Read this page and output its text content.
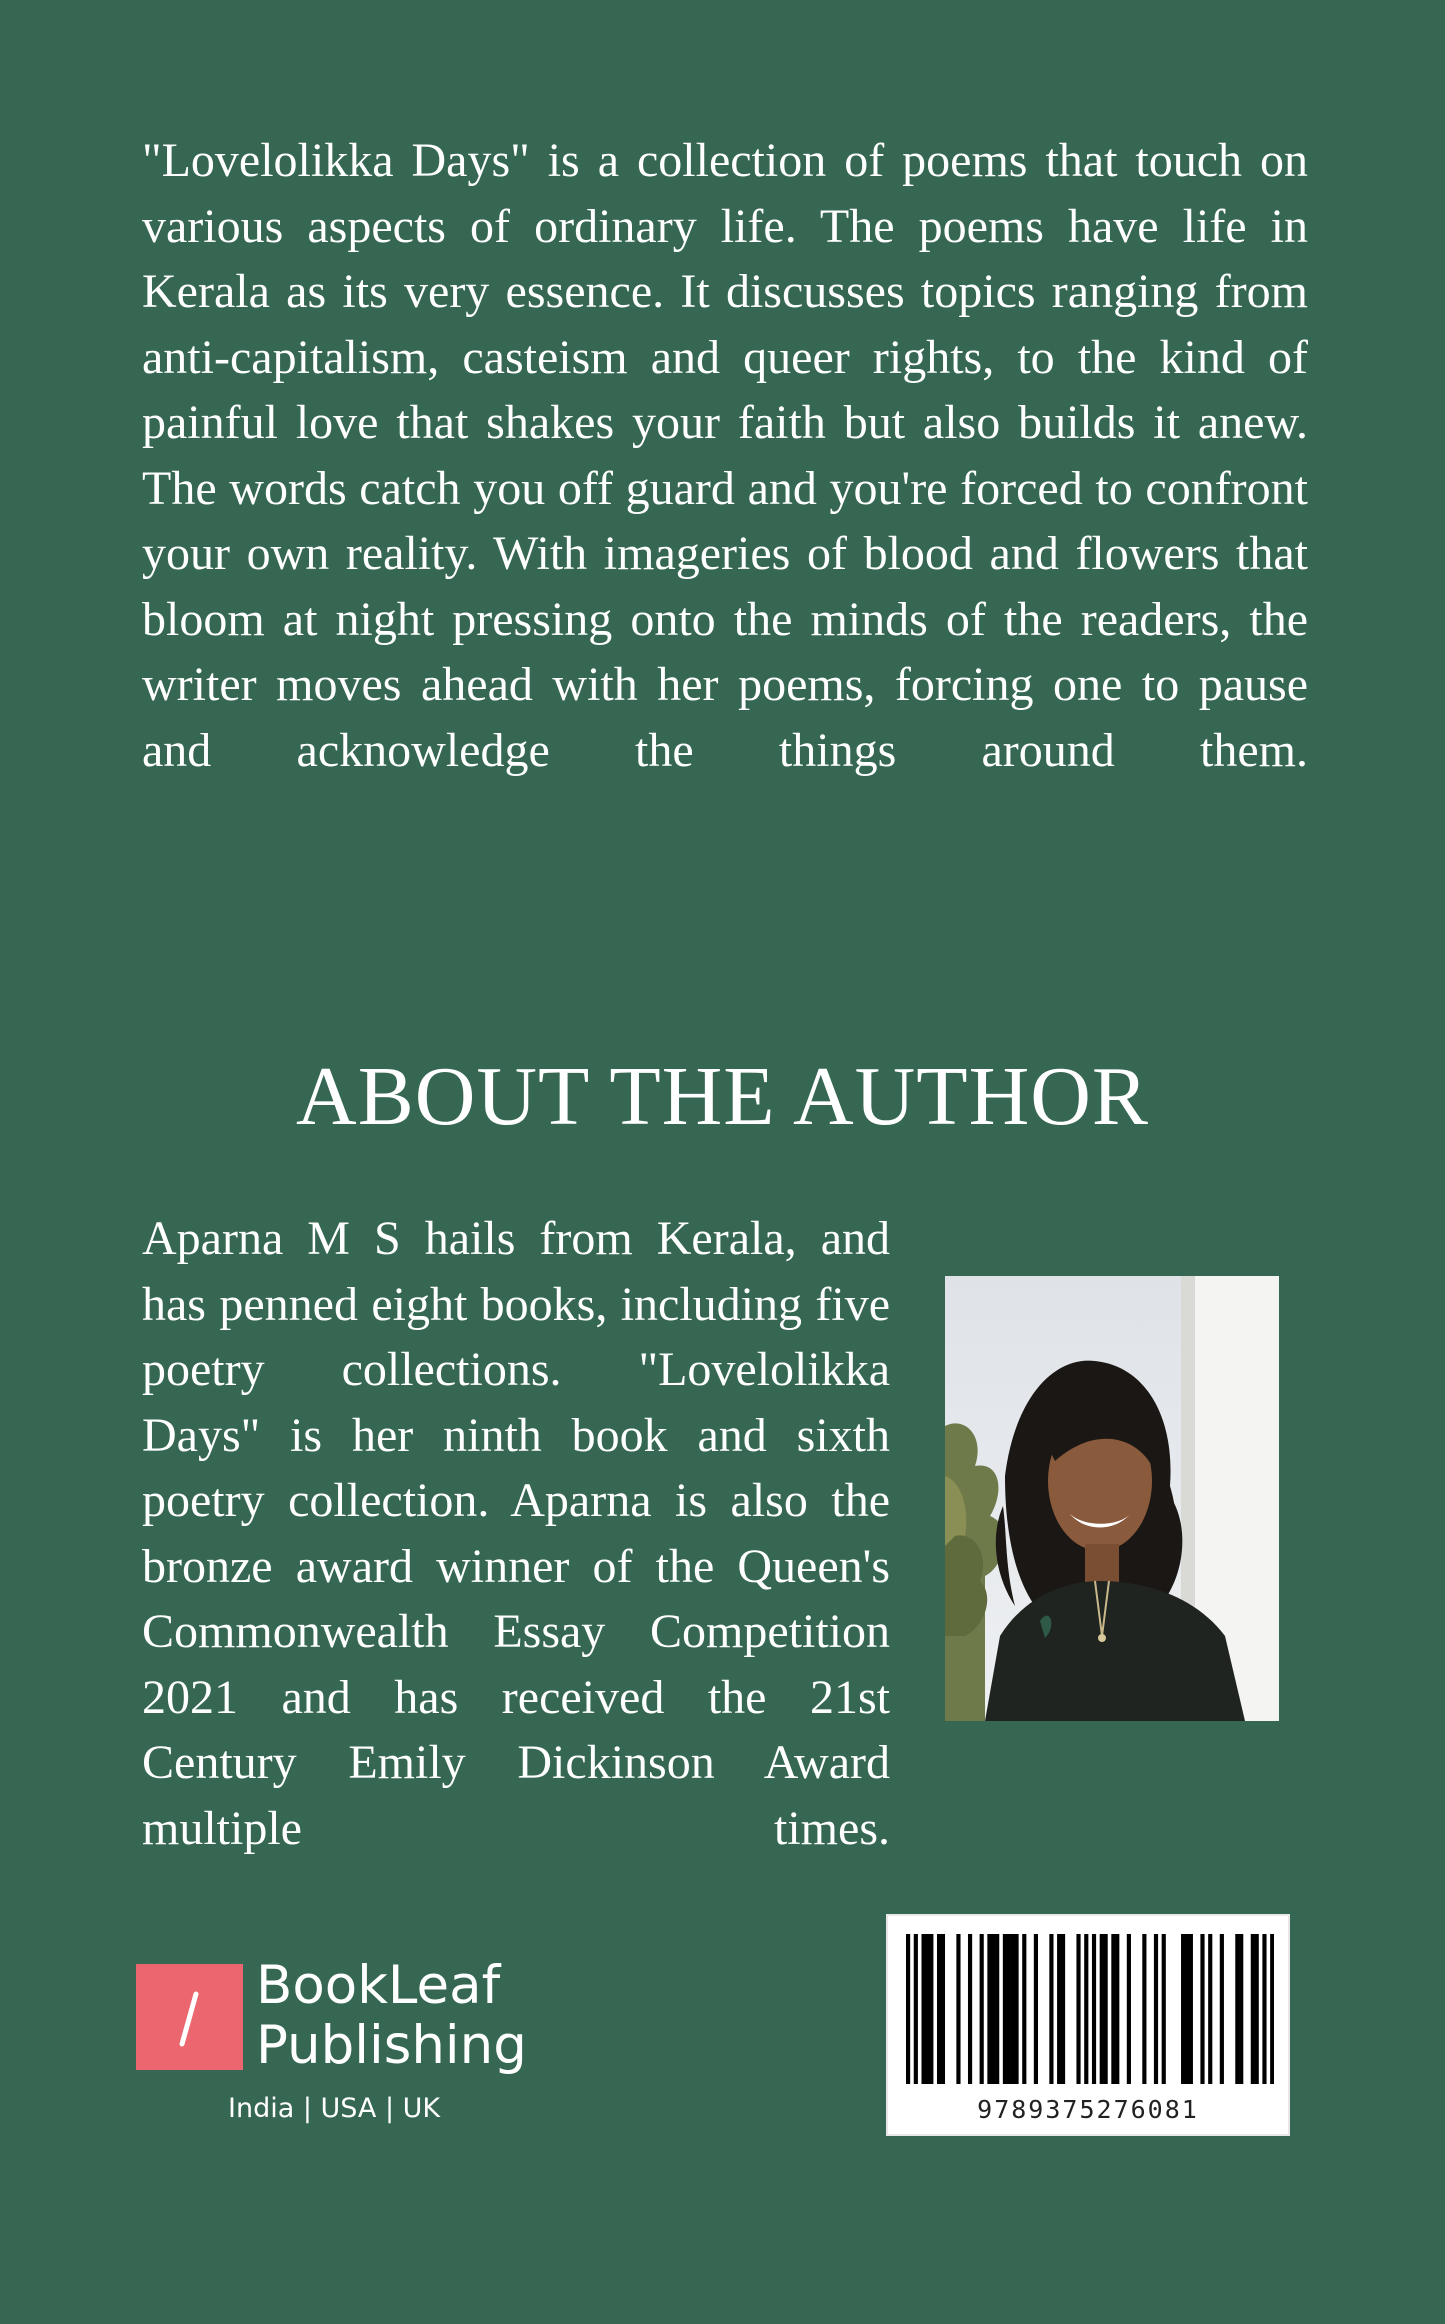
"Lovelolikka Days" is a collection of poems that touch on various aspects of ordinary life. The poems have life in Kerala as its very essence. It discusses topics ranging from anti-capitalism, casteism and queer rights, to the kind of painful love that shakes your faith but also builds it anew. The words catch you off guard and you're forced to confront your own reality. With imageries of blood and flowers that bloom at night pressing onto the minds of the readers, the writer moves ahead with her poems, forcing one to pause and acknowledge the things around them.

ABOUT THE AUTHOR

Aparna M S hails from Kerala, and has penned eight books, including five poetry collections. "Lovelolikka Days" is her ninth book and sixth poetry collection. Aparna is also the bronze award winner of the Queen's Commonwealth Essay Competition 2021 and has received the 21st Century Emily Dickinson Award multiple times.

BookLeaf
Publishing
India | USA | UK	9789375276081
